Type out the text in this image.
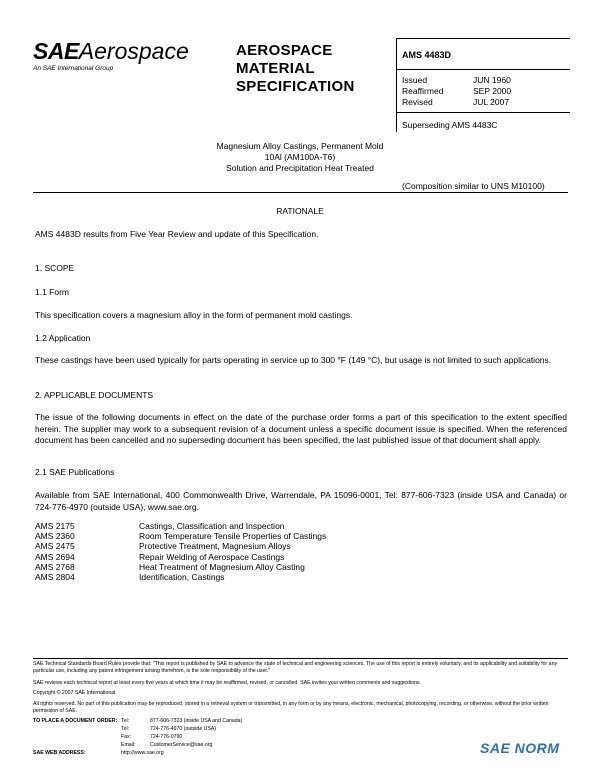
SAEAerospace
An SAE International Group
AEROSPACE
MATERIAL
SPECIFICATION
AMS 4483D
Issued	JUN 1960
Reaffirmed	SEP 2000
Revised	JUL 2007
Superseding AMS 4483C
Magnesium Alloy Castings, Permanent Mold
10Al (AM100A-T6)
Solution and Precipitation Heat Treated
(Composition similar to UNS M10100)
RATIONALE
AMS 4483D results from Five Year Review and update of this Specification.
1. SCOPE
1.1 Form
This specification covers a magnesium alloy in the form of permanent mold castings.
1.2 Application
These castings have been used typically for parts operating in service up to 300 °F (149 °C), but usage is not limited to such applications.
2. APPLICABLE DOCUMENTS
The issue of the following documents in effect on the date of the purchase order forms a part of this specification to the extent specified herein. The supplier may work to a subsequent revision of a document unless a specific document issue is specified. When the referenced document has been cancelled and no superseding document has been specified, the last published issue of that document shall apply.
2.1 SAE Publications
Available from SAE International, 400 Commonwealth Drive, Warrendale, PA 15096-0001, Tel: 877-606-7323 (inside USA and Canada) or 724-776-4970 (outside USA), www.sae.org.
AMS 2175	Castings, Classification and Inspection
AMS 2360	Room Temperature Tensile Properties of Castings
AMS 2475	Protective Treatment, Magnesium Alloys
AMS 2694	Repair Welding of Aerospace Castings
AMS 2768	Heat Treatment of Magnesium Alloy Casting
AMS 2804	Identification, Castings
SAE Technical Standards Board Rules provide that: "This report is published by SAE to advance the state of technical and engineering sciences. The use of this report is entirely voluntary, and its applicability and suitability for any particular use, including any patent infringement arising therefrom, is the sole responsibility of the user."
SAE reviews each technical report at least every five years at which time it may be reaffirmed, revised, or cancelled. SAE invites your written comments and suggestions.
Copyright © 2007 SAE International
All rights reserved. No part of this publication may be reproduced, stored in a retrieval system or transmitted, in any form or by any means, electronic, mechanical, photocopying, recording, or otherwise, without the prior written permission of SAE.
TO PLACE A DOCUMENT ORDER: Tel:	877-606-7323 (inside USA and Canada)
Tel:	724-776-4970 (outside USA)
Fax:	724-776-0790
Email:	CustomerService@sae.org
SAE WEB ADDRESS:	http://www.sae.org	SAE NORM
